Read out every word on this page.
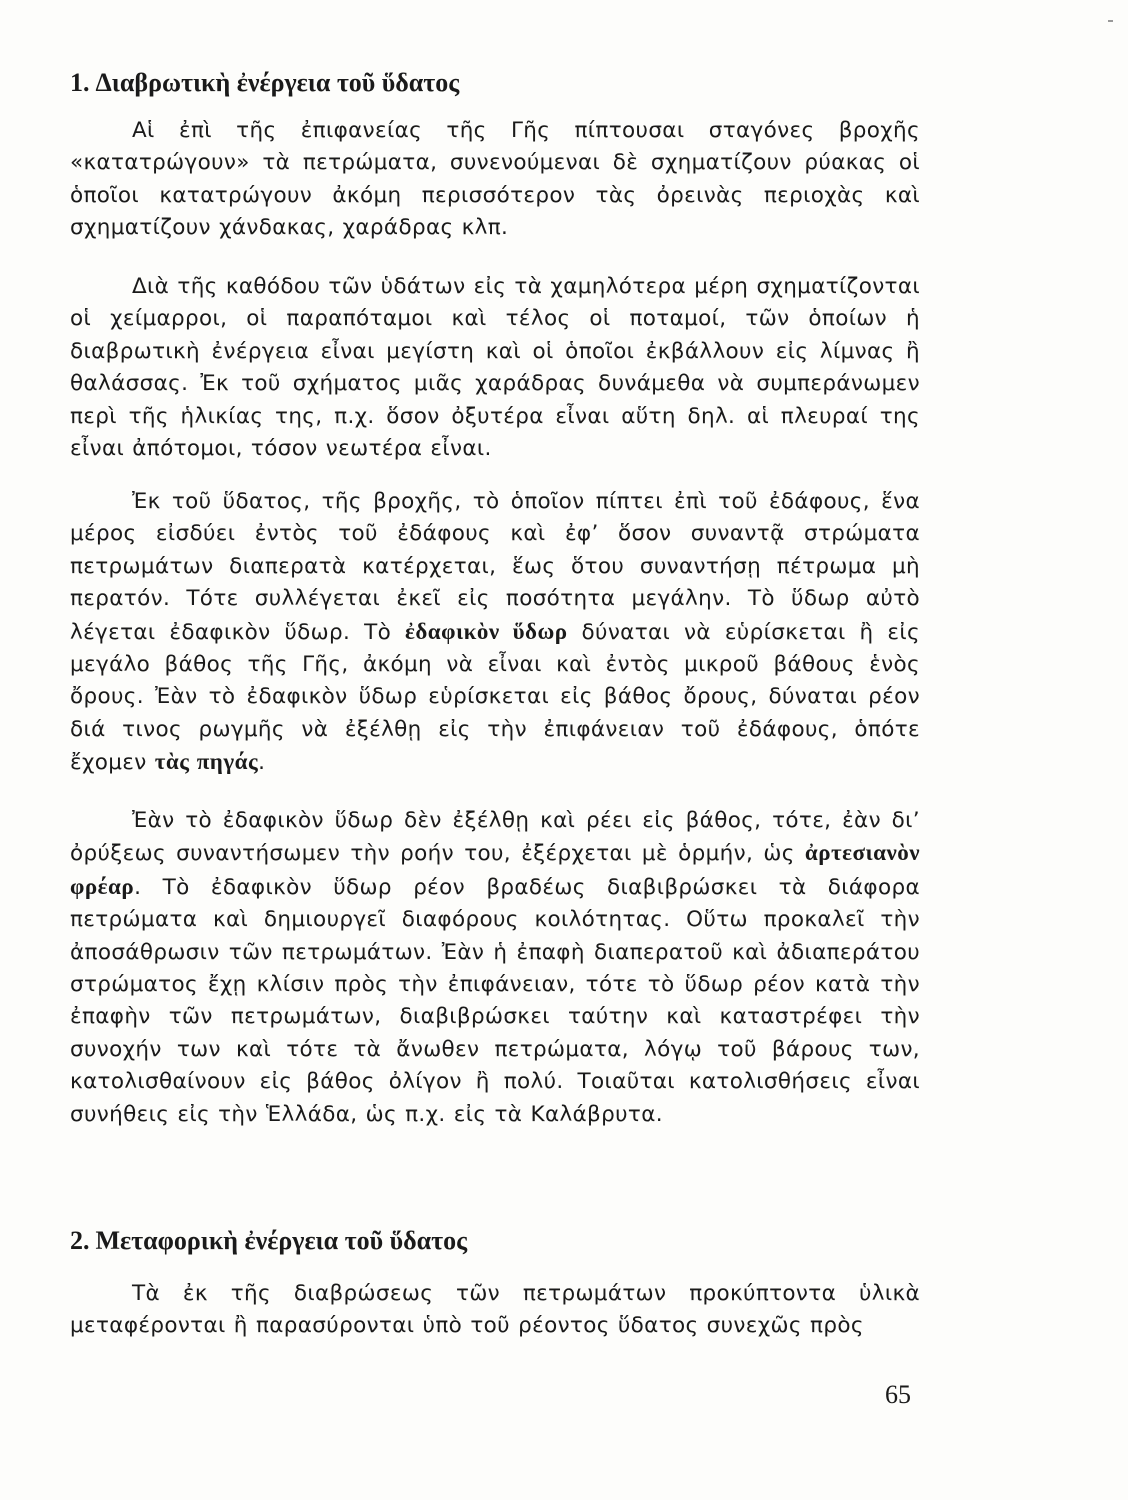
1. Διαβρωτικὴ ἐνέργεια τοῦ ὕδατος

Αἱ ἐπὶ τῆς ἐπιφανείας τῆς Γῆς πίπτουσαι σταγόνες βροχῆς «κατατρώγουν» τὰ πετρώματα, συνενούμεναι δὲ σχηματίζουν ρύακας οἱ ὁποῖοι κατατρώγουν ἀκόμη περισσότερον τὰς ὀρεινὰς περιοχὰς καὶ σχηματίζουν χάνδακας, χαράδρας κλπ.

Διὰ τῆς καθόδου τῶν ὑδάτων εἰς τὰ χαμηλότερα μέρη σχηματίζονται οἱ χείμαρροι, οἱ παραπόταμοι καὶ τέλος οἱ ποταμοί, τῶν ὁποίων ἡ διαβρωτικὴ ἐνέργεια εἶναι μεγίστη καὶ οἱ ὁποῖοι ἐκβάλλουν εἰς λίμνας ἢ θαλάσσας. Ἐκ τοῦ σχήματος μιᾶς χαράδρας δυνάμεθα νὰ συμπεράνωμεν περὶ τῆς ἡλικίας της, π.χ. ὅσον ὀξυτέρα εἶναι αὕτη δηλ. αἱ πλευραί της εἶναι ἀπότομοι, τόσον νεωτέρα εἶναι.

Ἐκ τοῦ ὕδατος, τῆς βροχῆς, τὸ ὁποῖον πίπτει ἐπὶ τοῦ ἐδάφους, ἕνα μέρος εἰσδύει ἐντὸς τοῦ ἐδάφους καὶ ἐφ’ ὅσον συναντᾷ στρώματα πετρωμάτων διαπερατὰ κατέρχεται, ἕως ὅτου συναντήσῃ πέτρωμα μὴ περατόν. Τότε συλλέγεται ἐκεῖ εἰς ποσότητα μεγάλην. Τὸ ὕδωρ αὐτὸ λέγεται ἐδαφικὸν ὕδωρ. Τὸ ἐδαφικὸν ὕδωρ δύναται νὰ εὑρίσκεται ἢ εἰς μεγάλο βάθος τῆς Γῆς, ἀκόμη νὰ εἶναι καὶ ἐντὸς μικροῦ βάθους ἑνὸς ὄρους. Ἐὰν τὸ ἐδαφικὸν ὕδωρ εὑρίσκεται εἰς βάθος ὄρους, δύναται ρέον διά τινος ρωγμῆς νὰ ἐξέλθῃ εἰς τὴν ἐπιφάνειαν τοῦ ἐδάφους, ὁπότε ἔχομεν τὰς πηγάς.

Ἐὰν τὸ ἐδαφικὸν ὕδωρ δὲν ἐξέλθῃ καὶ ρέει εἰς βάθος, τότε, ἐὰν δι’ ὀρύξεως συναντήσωμεν τὴν ροήν του, ἐξέρχεται μὲ ὁρμήν, ὡς ἀρτεσιανὸν φρέαρ. Τὸ ἐδαφικὸν ὕδωρ ρέον βραδέως διαβιβρώσκει τὰ διάφορα πετρώματα καὶ δημιουργεῖ διαφόρους κοιλότητας. Οὕτω προκαλεῖ τὴν ἀποσάθρωσιν τῶν πετρωμάτων. Ἐὰν ἡ ἐπαφὴ διαπερατοῦ καὶ ἀδιαπεράτου στρώματος ἔχῃ κλίσιν πρὸς τὴν ἐπιφάνειαν, τότε τὸ ὕδωρ ρέον κατὰ τὴν ἐπαφὴν τῶν πετρωμάτων, διαβιβρώσκει ταύτην καὶ καταστρέφει τὴν συνοχήν των καὶ τότε τὰ ἄνωθεν πετρώματα, λόγῳ τοῦ βάρους των, κατολισθαίνουν εἰς βάθος ὀλίγον ἢ πολύ. Τοιαῦται κατολισθήσεις εἶναι συνήθεις εἰς τὴν Ἑλλάδα, ὡς π.χ. εἰς τὰ Καλάβρυτα.

2. Μεταφορικὴ ἐνέργεια τοῦ ὕδατος

Τὰ ἐκ τῆς διαβρώσεως τῶν πετρωμάτων προκύπτοντα ὑλικὰ μεταφέρονται ἢ παρασύρονται ὑπὸ τοῦ ρέοντος ὕδατος συνεχῶς πρὸς

65
